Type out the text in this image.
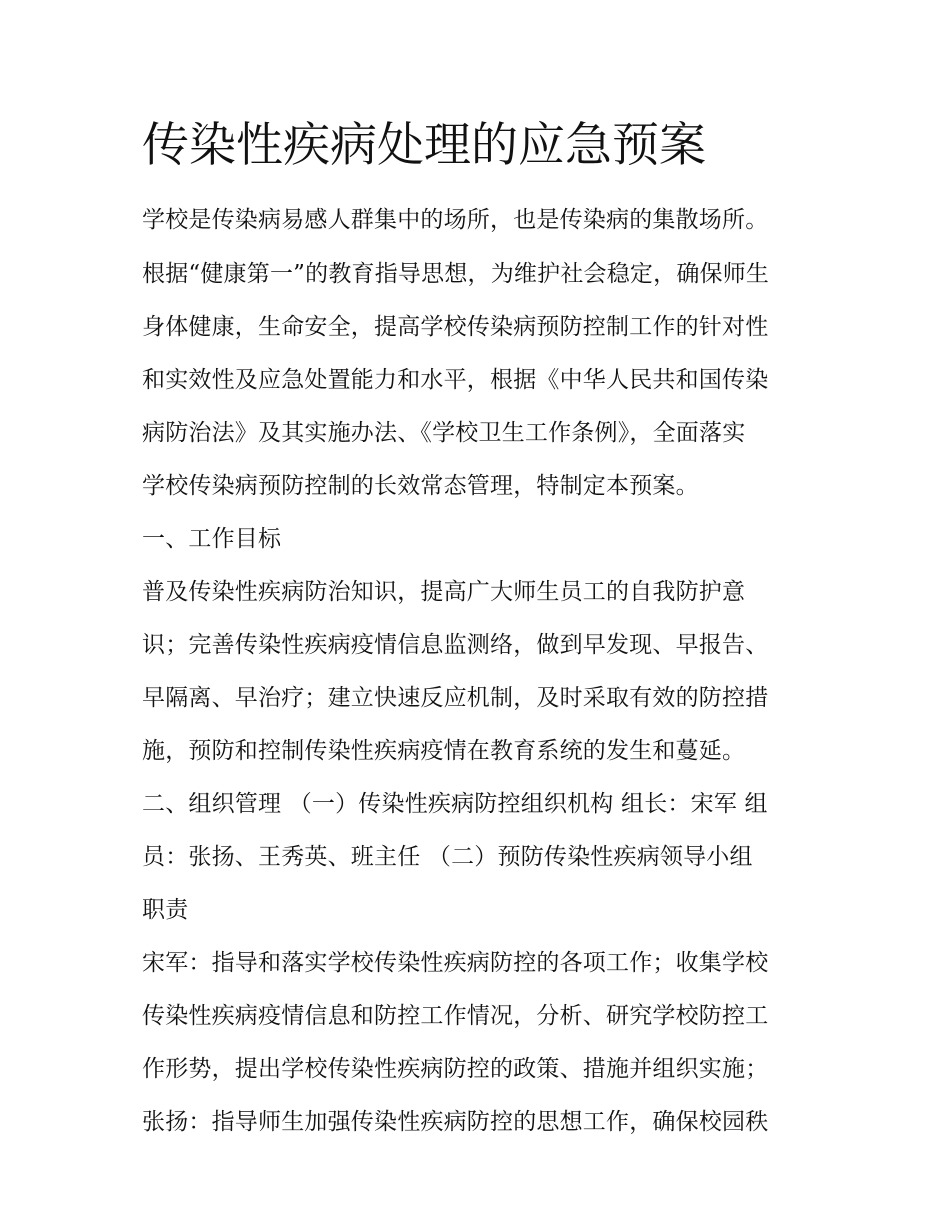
传染性疾病处理的应急预案
学校是传染病易感人群集中的场所，也是传染病的集散场所。
根据“健康第一”的教育指导思想，为维护社会稳定，确保师生
身体健康，生命安全，提高学校传染病预防控制工作的针对性
和实效性及应急处置能力和水平，根据《中华人民共和国传染
病防治法》及其实施办法、《学校卫生工作条例》，全面落实
学校传染病预防控制的长效常态管理，特制定本预案。
一、工作目标
普及传染性疾病防治知识，提高广大师生员工的自我防护意
识；完善传染性疾病疫情信息监测络，做到早发现、早报告、
早隔离、早治疗；建立快速反应机制，及时采取有效的防控措
施，预防和控制传染性疾病疫情在教育系统的发生和蔓延。
二、组织管理 （一）传染性疾病防控组织机构 组长：宋军 组
员：张扬、王秀英、班主任 （二）预防传染性疾病领导小组
职责
宋军：指导和落实学校传染性疾病防控的各项工作；收集学校
传染性疾病疫情信息和防控工作情况，分析、研究学校防控工
作形势，提出学校传染性疾病防控的政策、措施并组织实施；
张扬：指导师生加强传染性疾病防控的思想工作，确保校园秩
